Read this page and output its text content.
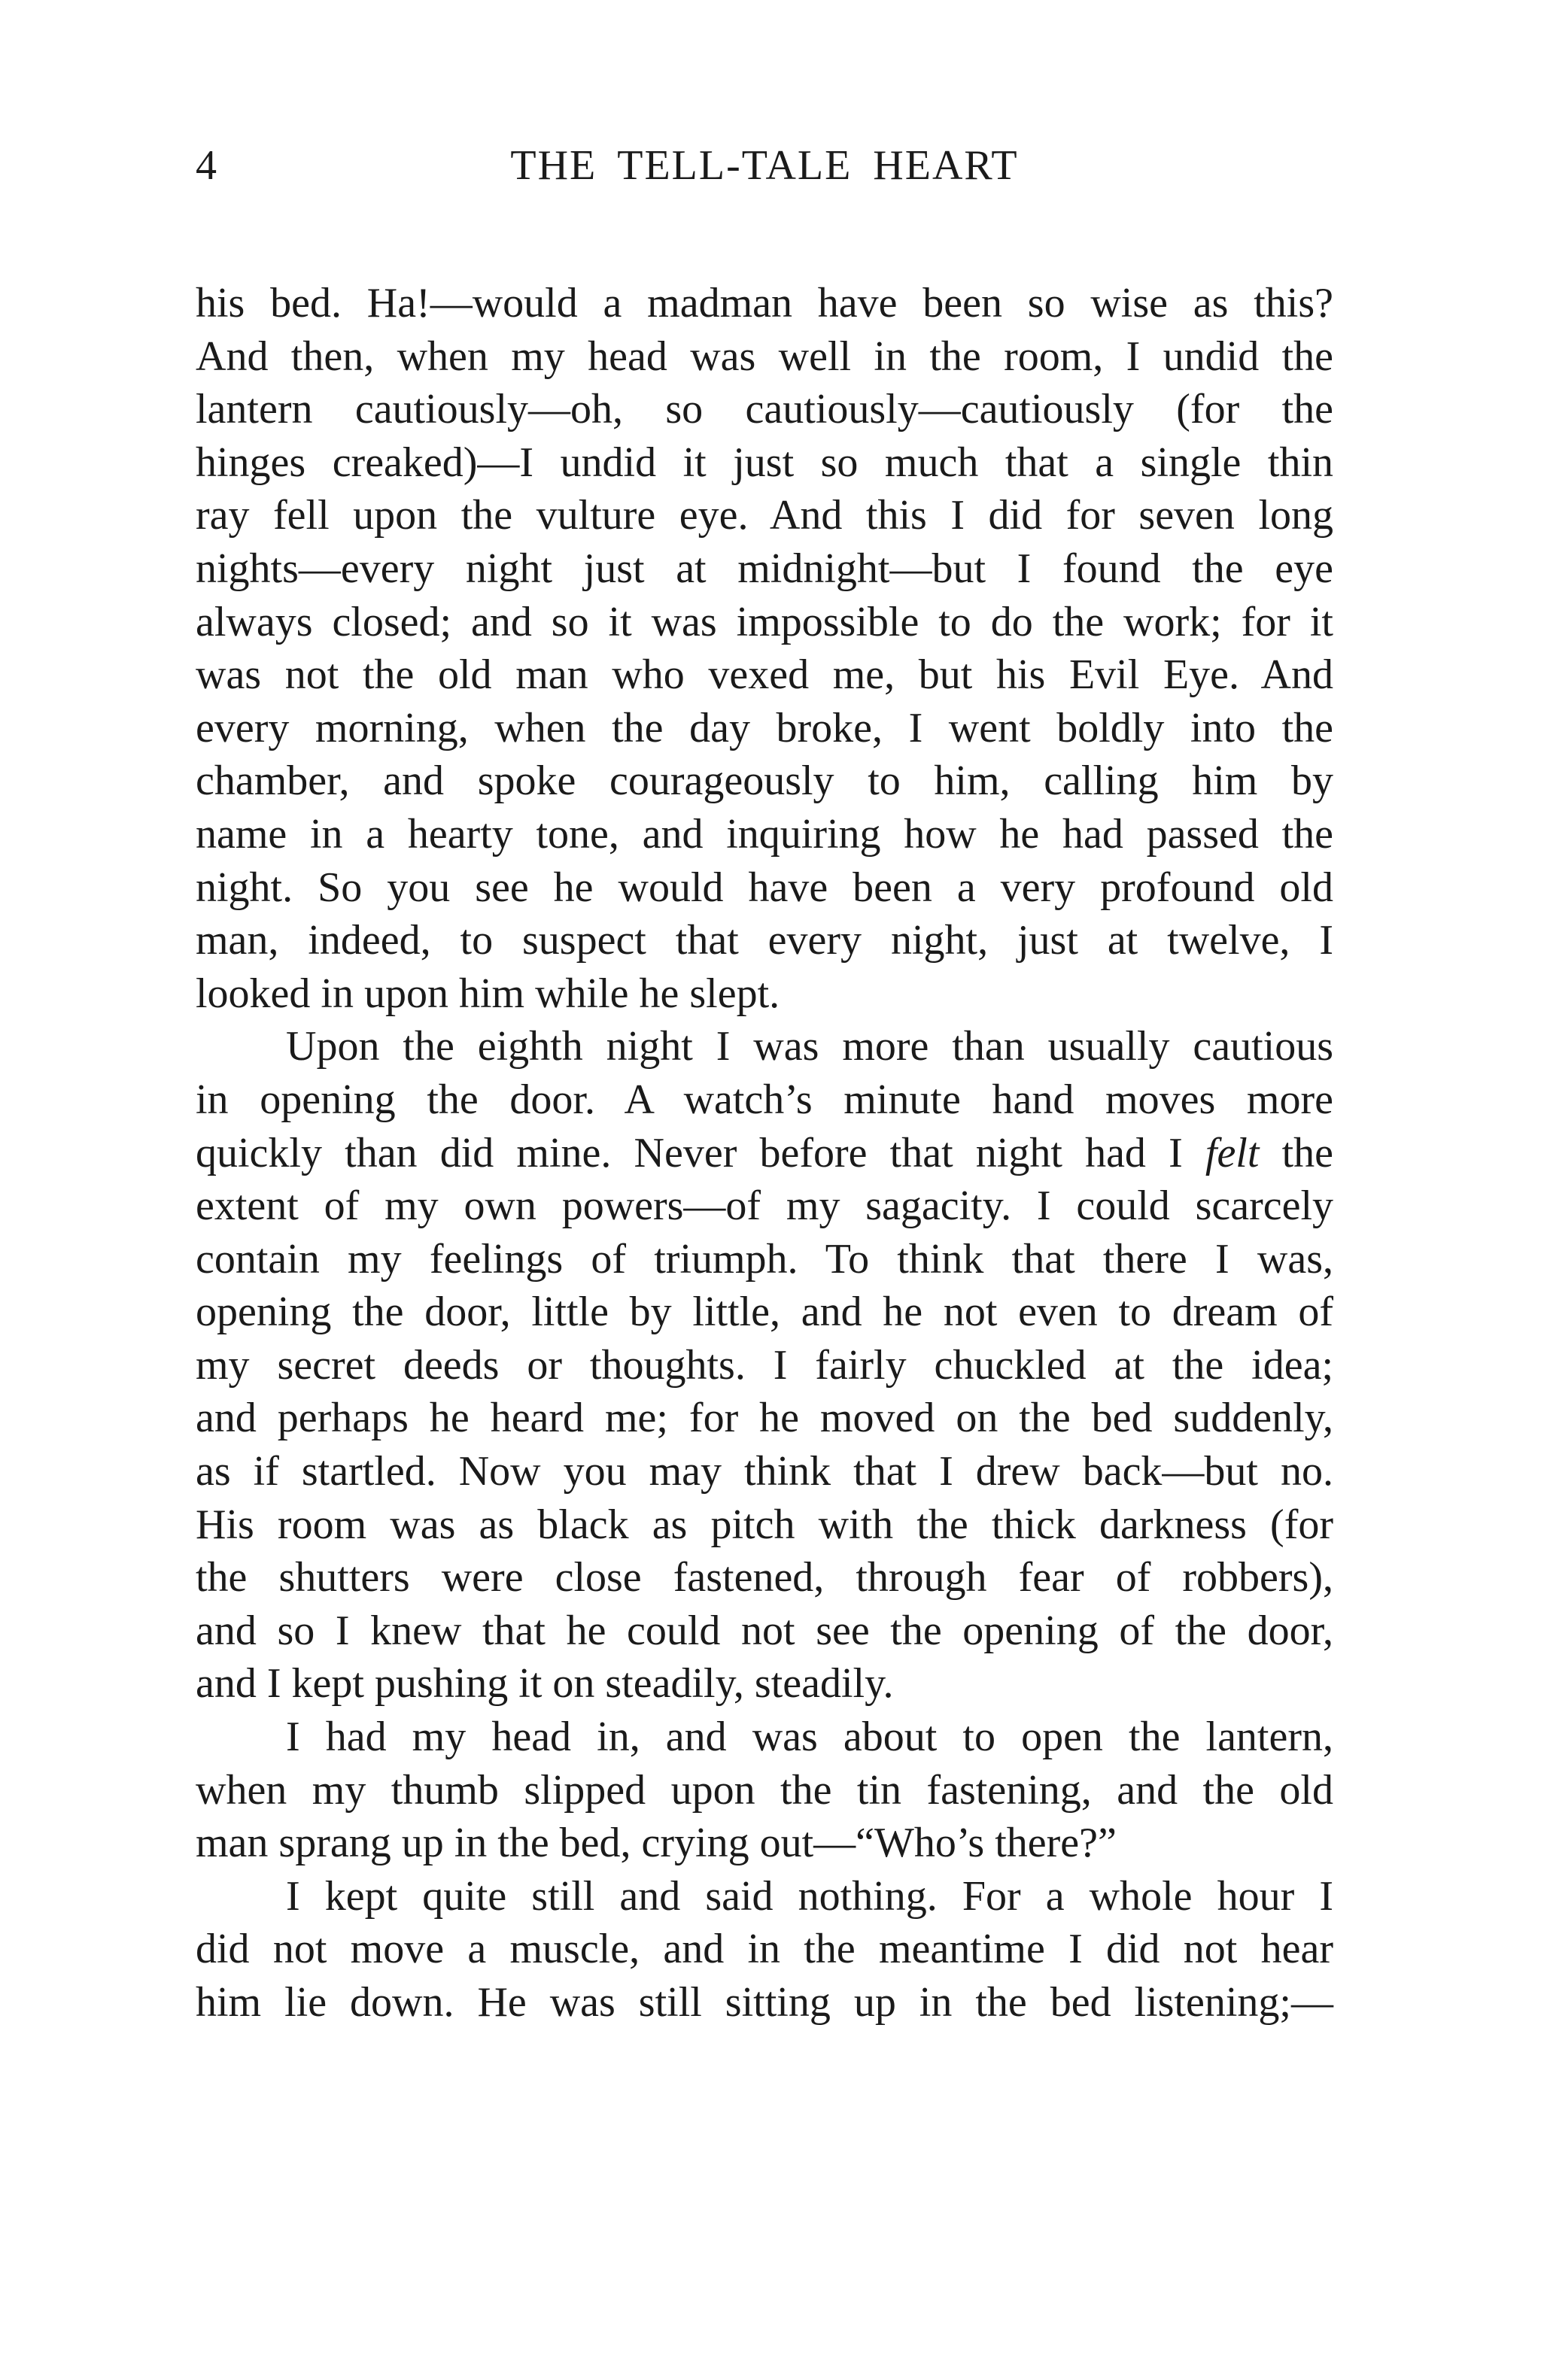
4	THE TELL-TALE HEART

his bed. Ha!—would a madman have been so wise as this?
And then, when my head was well in the room, I undid the
lantern cautiously—oh, so cautiously—cautiously (for the
hinges creaked)—I undid it just so much that a single thin
ray fell upon the vulture eye. And this I did for seven long
nights—every night just at midnight—but I found the eye
always closed; and so it was impossible to do the work; for it
was not the old man who vexed me, but his Evil Eye. And
every morning, when the day broke, I went boldly into the
chamber, and spoke courageously to him, calling him by
name in a hearty tone, and inquiring how he had passed the
night. So you see he would have been a very profound old
man, indeed, to suspect that every night, just at twelve, I
looked in upon him while he slept.

Upon the eighth night I was more than usually cautious
in opening the door. A watch’s minute hand moves more
quickly than did mine. Never before that night had I felt the
extent of my own powers—of my sagacity. I could scarcely
contain my feelings of triumph. To think that there I was,
opening the door, little by little, and he not even to dream of
my secret deeds or thoughts. I fairly chuckled at the idea;
and perhaps he heard me; for he moved on the bed suddenly,
as if startled. Now you may think that I drew back—but no.
His room was as black as pitch with the thick darkness (for
the shutters were close fastened, through fear of robbers),
and so I knew that he could not see the opening of the door,
and I kept pushing it on steadily, steadily.

I had my head in, and was about to open the lantern,
when my thumb slipped upon the tin fastening, and the old
man sprang up in the bed, crying out—“Who’s there?”

I kept quite still and said nothing. For a whole hour I
did not move a muscle, and in the meantime I did not hear
him lie down. He was still sitting up in the bed listening;—
